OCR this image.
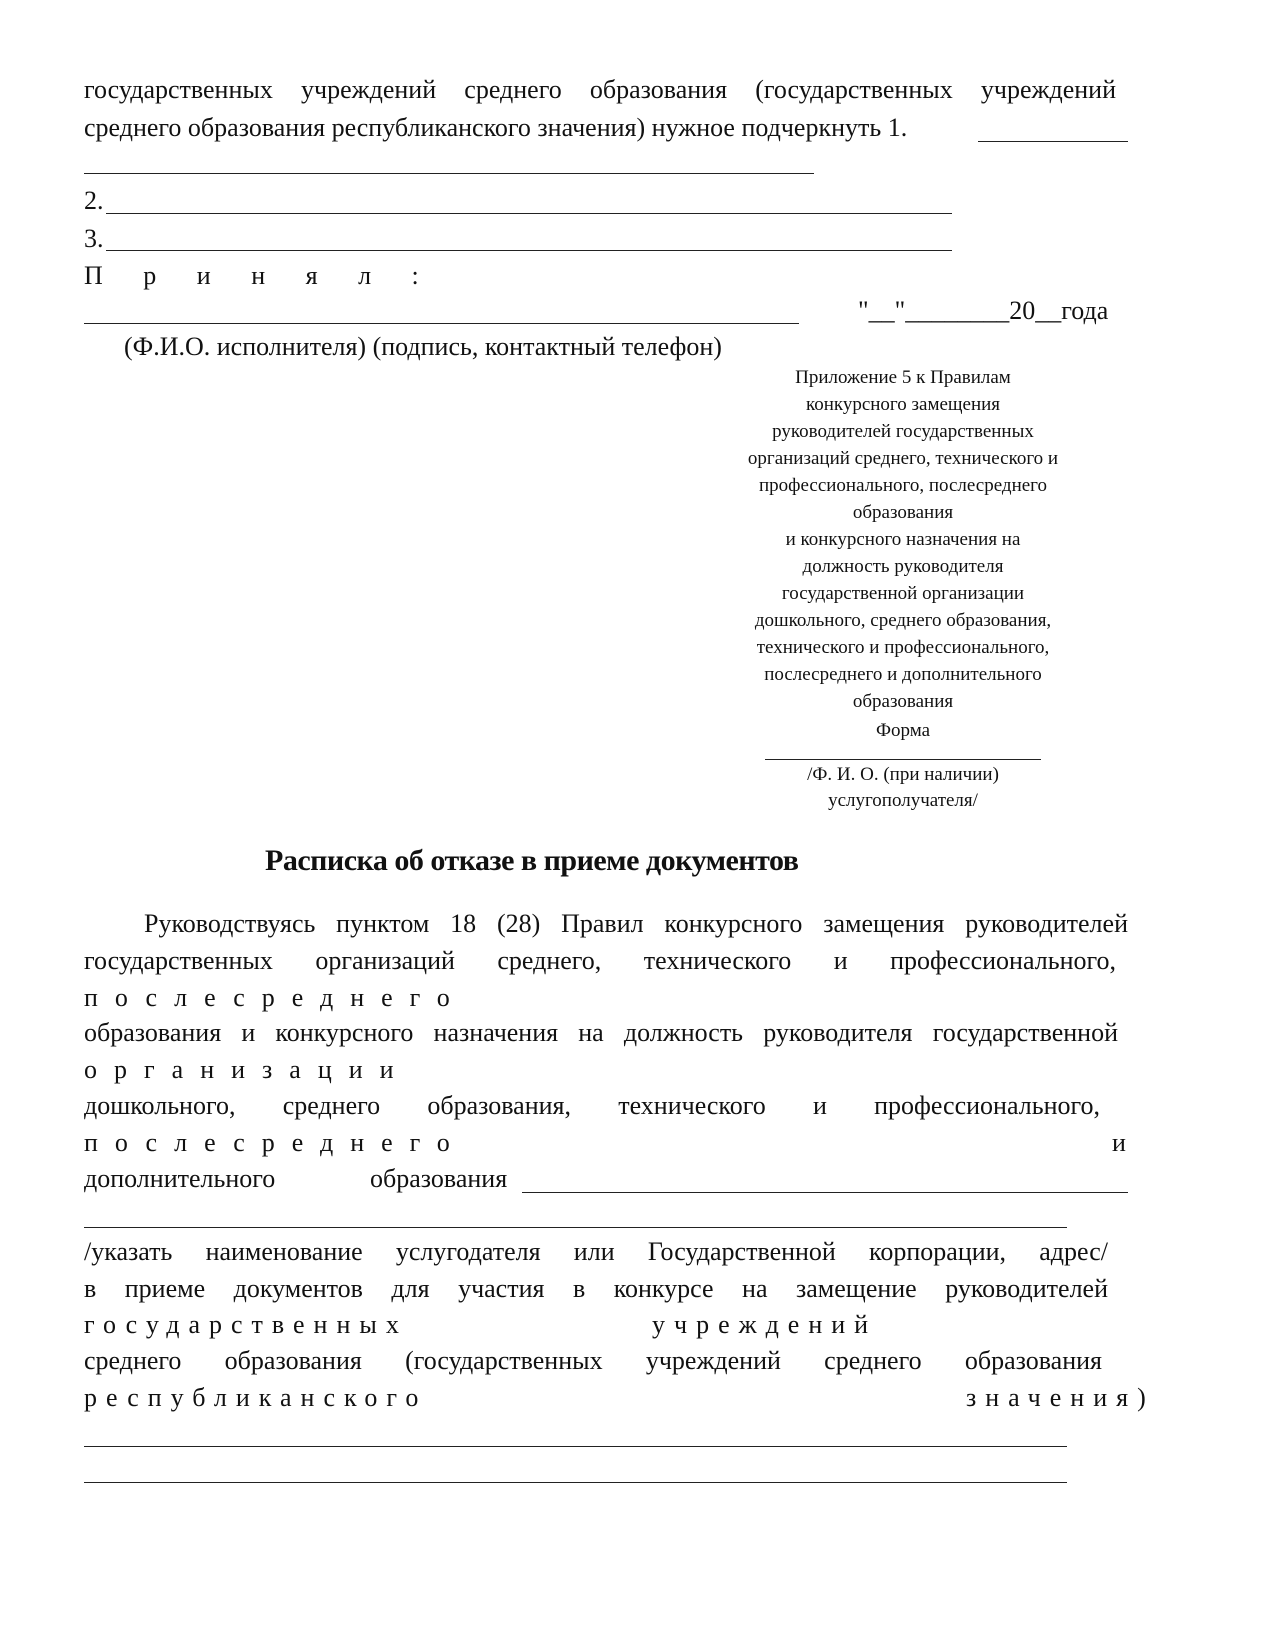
государственных учреждений среднего образования (государственных учреждений
среднего образования республиканского значения) нужное подчеркнуть 1.
2.
3.
П р и н я л :
"__"________20__года
(Ф.И.О. исполнителя) (подпись, контактный телефон)
Приложение 5 к Правилам
конкурсного замещения
руководителей государственных
организаций среднего, технического и
профессионального, послесреднего
образования
и конкурсного назначения на
должность руководителя
государственной организации
дошкольного, среднего образования,
технического и профессионального,
послесреднего и дополнительного
образования
Форма
/Ф. И. О. (при наличии)
услугополучателя/
Расписка об отказе в приеме документов
Руководствуясь пунктом 18 (28) Правил конкурсного замещения руководителей
государственных организаций среднего, технического и профессионального,
послесреднего
образования и конкурсного назначения на должность руководителя государственной
организации
дошкольного, среднего образования, технического и профессионального,
послесреднего	и
дополнительного	образования
/указать наименование услугодателя или Государственной корпорации, адрес/
в приеме документов для участия в конкурсе на замещение руководителей
государственных	учреждений
среднего образования (государственных учреждений среднего образования
республиканского	значения)
